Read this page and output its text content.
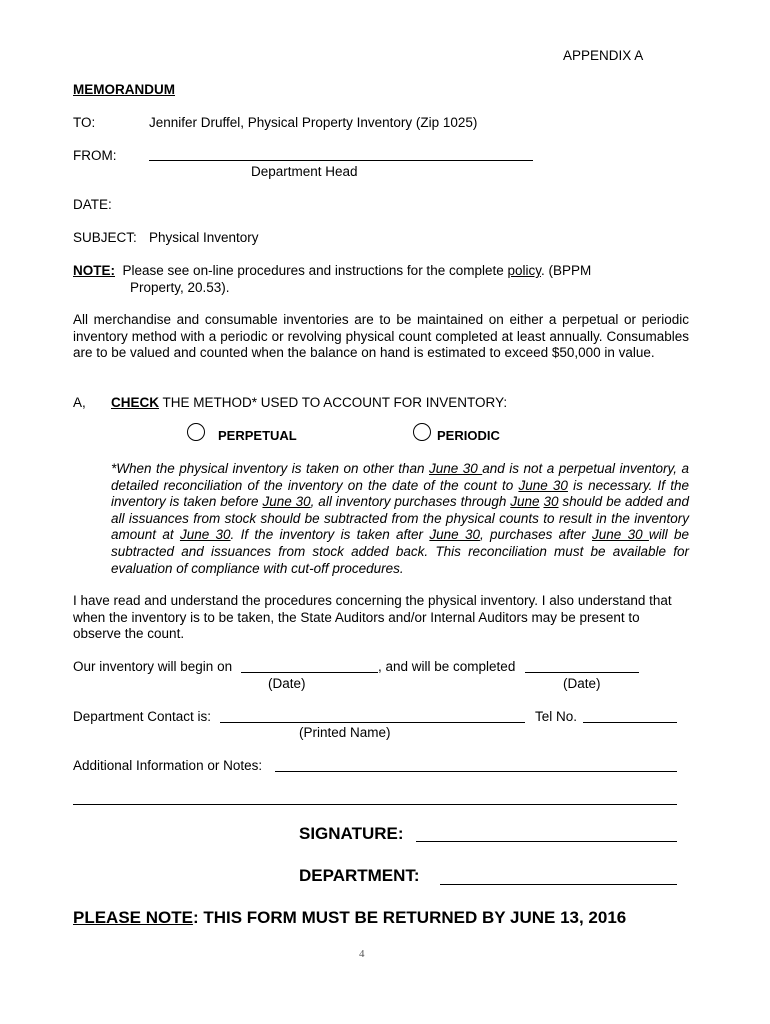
APPENDIX A
MEMORANDUM
TO:	Jennifer Druffel, Physical Property Inventory (Zip 1025)
FROM:
Department Head
DATE:
SUBJECT: Physical Inventory
NOTE: Please see on-line procedures and instructions for the complete policy. (BPPM
Property, 20.53).
All merchandise and consumable inventories are to be maintained on either a perpetual or periodic inventory method with a periodic or revolving physical count completed at least annually. Consumables are to be valued and counted when the balance on hand is estimated to exceed $50,000 in value.
A, CHECK THE METHOD* USED TO ACCOUNT FOR INVENTORY:
PERPETUAL	PERIODIC
*When the physical inventory is taken on other than June 30 and is not a perpetual inventory, a detailed reconciliation of the inventory on the date of the count to June 30 is necessary. If the inventory is taken before June 30, all inventory purchases through June 30 should be added and all issuances from stock should be subtracted from the physical counts to result in the inventory amount at June 30. If the inventory is taken after June 30, purchases after June 30 will be subtracted and issuances from stock added back. This reconciliation must be available for evaluation of compliance with cut-off procedures.
I have read and understand the procedures concerning the physical inventory. I also understand that when the inventory is to be taken, the State Auditors and/or Internal Auditors may be present to observe the count.
Our inventory will begin on	, and will be completed
(Date)	(Date)
Department Contact is:
(Printed Name)
Tel No.
Additional Information or Notes:
SIGNATURE:
DEPARTMENT:
PLEASE NOTE: THIS FORM MUST BE RETURNED BY JUNE 13, 2016
4
